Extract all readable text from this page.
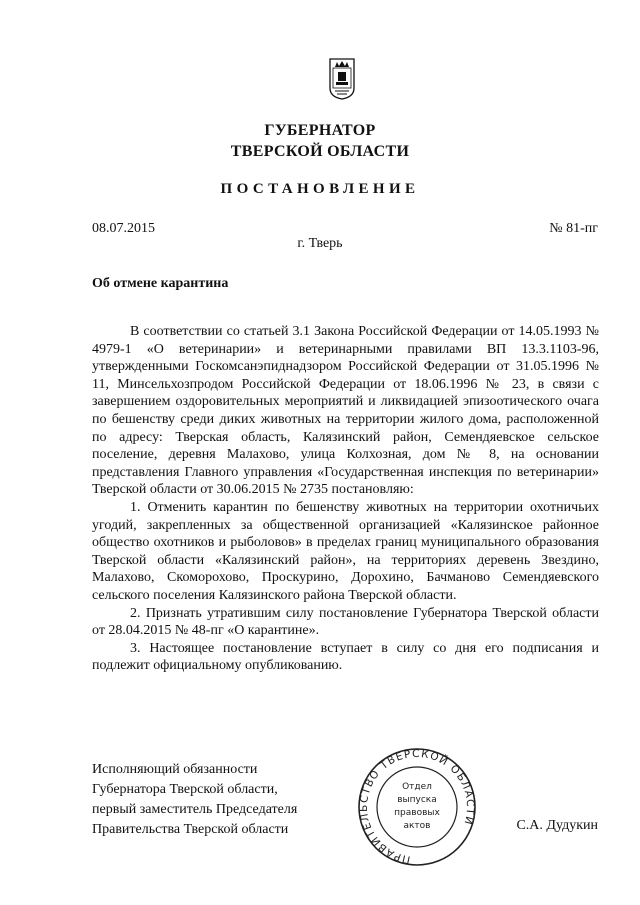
ГУБЕРНАТОР
ТВЕРСКОЙ ОБЛАСТИ
ПОСТАНОВЛЕНИЕ
08.07.2015	№ 81-пг
г. Тверь
Об отмене карантина

В соответствии со статьей 3.1 Закона Российской Федерации от 14.05.1993 № 4979-1 «О ветеринарии» и ветеринарными правилами ВП 13.3.1103-96, утвержденными Госкомсанэпиднадзором Российской Федерации от 31.05.1996 № 11, Минсельхозпродом Российской Федерации от 18.06.1996 № 23, в связи с завершением оздоровительных мероприятий и ликвидацией эпизоотического очага по бешенству среди диких животных на территории жилого дома, расположенной по адресу: Тверская область, Калязинский район, Семендяевское сельское поселение, деревня Малахово, улица Колхозная, дом № 8, на основании представления Главного управления «Государственная инспекция по ветеринарии» Тверской области от 30.06.2015 № 2735 постановляю:

1. Отменить карантин по бешенству животных на территории охотничьих угодий, закрепленных за общественной организацией «Калязинское районное общество охотников и рыболовов» в пределах границ муниципального образования Тверской области «Калязинский район», на территориях деревень Звездино, Малахово, Скоморохово, Проскурино, Дорохино, Бачманово Семендяевского сельского поселения Калязинского района Тверской области.

2. Признать утратившим силу постановление Губернатора Тверской области от 28.04.2015 № 48-пг «О карантине».

3. Настоящее постановление вступает в силу со дня его подписания и подлежит официальному опубликованию.

Исполняющий обязанности
Губернатора Тверской области,
первый заместитель Председателя
Правительства Тверской области
ПРАВИТЕЛЬСТВО ТВЕРСКОЙ ОБЛАСТИ
Отдел
выпуска
правовых
актов	С.А. Дудукин
